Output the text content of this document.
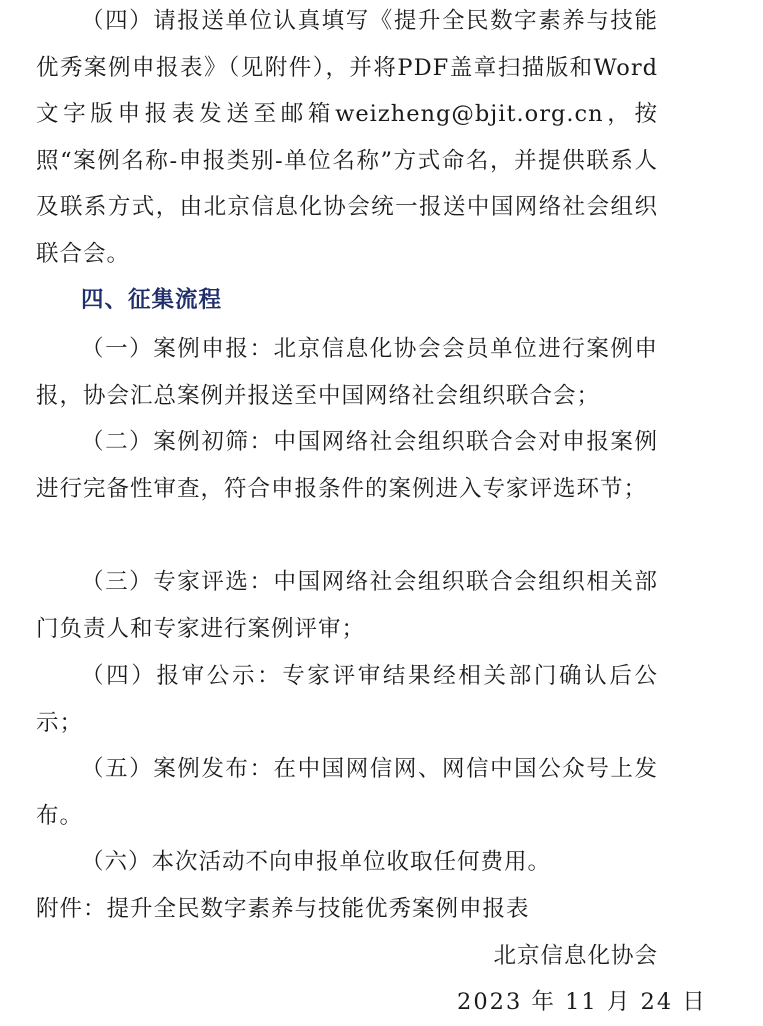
（四）请报送单位认真填写《提升全民数字素养与技能优秀案例申报表》（见附件），并将PDF盖章扫描版和Word文字版申报表发送至邮箱weizheng@bjit.org.cn，按照“案例名称-申报类别-单位名称”方式命名，并提供联系人及联系方式，由北京信息化协会统一报送中国网络社会组织联合会。

四、征集流程

（一）案例申报：北京信息化协会会员单位进行案例申报，协会汇总案例并报送至中国网络社会组织联合会；

（二）案例初筛：中国网络社会组织联合会对申报案例进行完备性审查，符合申报条件的案例进入专家评选环节；

（三）专家评选：中国网络社会组织联合会组织相关部门负责人和专家进行案例评审；

（四）报审公示：专家评审结果经相关部门确认后公示；

（五）案例发布：在中国网信网、网信中国公众号上发布。

（六）本次活动不向申报单位收取任何费用。

附件：提升全民数字素养与技能优秀案例申报表

北京信息化协会

2023 年 11 月 24 日
